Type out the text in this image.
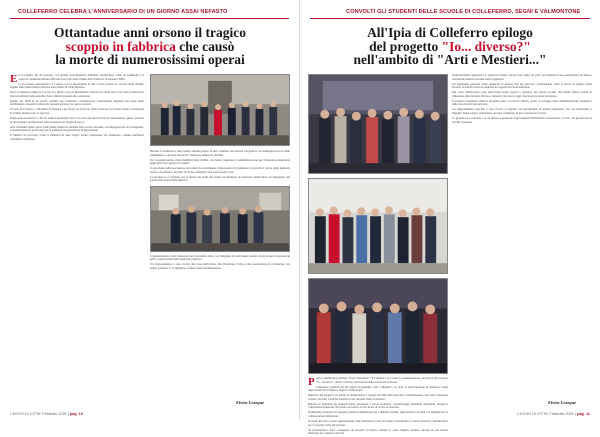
COLLEFERRO CELEBRA L'ANNIVERSARIO DI UN GIORNO ASSAI NEFASTO
Ottantadue anni orsono il tragico
scoppio in fabbrica che causò
la morte di numerosissimi operai
E ra il mattino del 29 Gennaio, con grande partecipazione dell'intera cittadinanza, come da tradizione si è svolta la commemorazione ufficiale in ricordo delle vittime della Fabbrica di esplosivi BPD.

La ricorrenza anniversaria si è aperta con la deposizione di una corona d'alloro in ricordo delle vittime, seguita dalla Santa Messa officiata nella chiesa di Santa Barbara.

Dopo la funzione religiosa il corteo si è diretto verso il monumento dedicato ai caduti dove sono stati pronunciati i discorsi ufficiali delle autorità civili e militari presenti alla cerimonia.

Quello del 1938 fu un giorno terribile per Colleferro: un'esplosione violentissima distrusse una parte dello stabilimento causando la morte di sessanta persone tra operai e tecnici.

Il boato fu avvertito a chilometri di distanza e per molte ore si lavorò senza sosta per soccorrere i feriti e recuperare le vittime rimaste sotto le macerie.

Negli anni successivi la città ha sempre mantenuto vivo il ricordo dei suoi lavoratori, trasformando questa giornata in un momento di riflessione sulla sicurezza nei luoghi di lavoro.

Alla cerimonia hanno preso parte anche numerosi studenti delle scuole cittadine, accompagnati dai loro insegnanti, a testimonianza di un ricordo che si tramanda di generazione in generazione.

Il Sindaco ha ricordato come la memoria di quel tragico evento rappresenti un patrimonio comune dell'intera comunità colleferrina.

Durante la mattinata è stata inoltre allestita presso la sala consiliare una mostra fotografica con immagini d'epoca dello stabilimento e dei suoi lavoratori, visitata da numerosi cittadini.

Tra i presenti anche alcuni familiari delle vittime, che hanno ringraziato l'Amministrazione per l'attenzione dimostrata negli anni verso questa ricorrenza.

Il presidente dell'associazione dei reduci ha sottolineato l'importanza di trasmettere ai giovani il valore della memoria storica, ricordando i sacrifici di chi ha contribuito alla nascita della città.

La giornata si è conclusa con la lettura dei nomi dei caduti, un momento di profonda commozione accompagnato dal suono della sirena della fabbrica.

L'appuntamento è stato rinnovato per il prossimo anno, con l'impegno di coinvolgere sempre di più le nuove generazioni nella conservazione della memoria collettiva.

Un ringraziamento è stato rivolto alle forze dell'ordine, alla Protezione Civile e alle associazioni di volontariato che hanno garantito lo svolgimento ordinato della manifestazione.

Elvira Loreque
L'ECHO DI CITTA' Febbraio 2020 | pag. 10
CONVOLTI GLI STUDENTI DELLE SCUOLE DI COLLEFERRO, SEGNI E VALMONTONE
All'Ipia di Colleferro epilogo
del progetto "Io... diverso?"
nell'ambito di "Arti e Mestieri..."
P resso l'Auditorium dell'Ipia "Paolo Borsellino" di Colleferro si è tenuta la manifestazione conclusiva del progetto "Io... diverso?", che ha coinvolto gli studenti delle scuole del territorio.

L'iniziativa, inserita nel più ampio programma "Arti e Mestieri", ha visto la partecipazione di numerose classi degli istituti di Colleferro, Segni e Valmontone.

Obiettivo del progetto era quello di sensibilizzare i ragazzi sui temi della diversità e dell'inclusione, attraverso laboratori creativi, incontri e attività pratiche svolte durante l'anno scolastico.

Durante la mattinata gli studenti hanno presentato i lavori realizzati: cortometraggi, manufatti artigianali, disegni e composizioni musicali che hanno raccontato il loro modo di vivere la diversità.

Il Dirigente scolastico ha espresso grande soddisfazione per i risultati ottenuti, ringraziando i docenti e le famiglie per la collaborazione dimostrata.

Presenti all'evento anche rappresentanti delle istituzioni locali, che hanno sottolineato il valore educativo dell'iniziativa per la crescita civile dei giovani.

Ai partecipanti è stato consegnato un attestato di merito, mentre le opere migliori saranno esposte in una mostra itinerante nei comuni coinvolti.

Particolarmente apprezzato lo spettacolo finale, che ha visto salire sul palco gli studenti in una performance di danza e recitazione dedicata al tema dell'accoglienza.

Gli insegnanti referenti hanno illustrato le diverse fasi del percorso, evidenziando come il lavoro di gruppo abbia favorito la nascita di nuove amicizie tra ragazzi di scuole differenti.

Nel corso dell'incontro sono intervenuti anche esperti e operatori del settore sociale, che hanno offerto spunti di riflessione sulle barriere, fisiche e culturali, che ancora oggi ostacolano la piena inclusione.

Il progetto proseguirà anche il prossimo anno con nuove attività, grazie al sostegno delle amministrazioni comunali e delle associazioni del territorio.

Un ringraziamento speciale è stato rivolto ai ragazzi, veri protagonisti di questa esperienza, che con entusiasmo e impegno hanno saputo trasformare un tema complesso in un'occasione di crescita.

La giornata si è conclusa con un rinfresco preparato dagli studenti dell'indirizzo ristorazione, accolto con grande favore da tutti i presenti.

Elvira Loreque
L'ECHO DI CITTA' Febbraio 2020 | pag. 11
